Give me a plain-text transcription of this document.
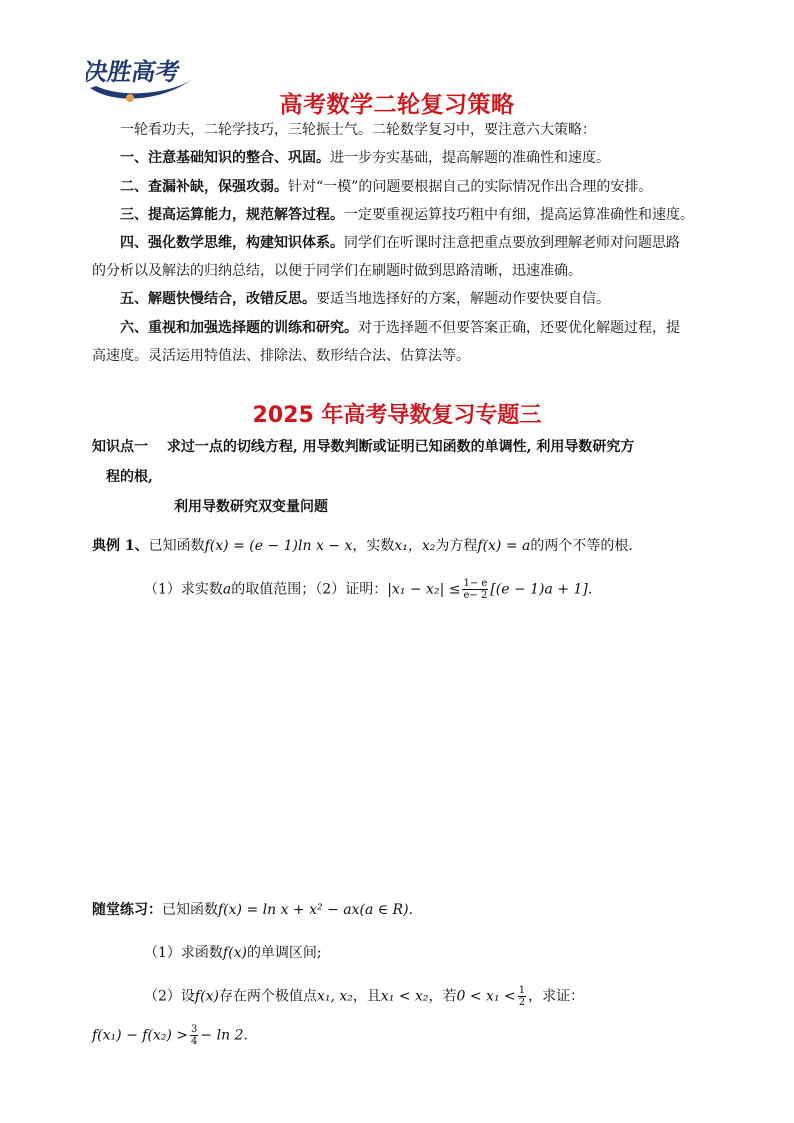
决胜高考
高考数学二轮复习策略
一轮看功夫，二轮学技巧，三轮振士气。二轮数学复习中，要注意六大策略：
一、注意基础知识的整合、巩固。进一步夯实基础，提高解题的准确性和速度。
二、查漏补缺，保强攻弱。针对“一模”的问题要根据自己的实际情况作出合理的安排。
三、提高运算能力，规范解答过程。一定要重视运算技巧粗中有细，提高运算准确性和速度。
四、强化数学思维，构建知识体系。同学们在听课时注意把重点要放到理解老师对问题思路
的分析以及解法的归纳总结，以便于同学们在刷题时做到思路清晰，迅速准确。
五、解题快慢结合，改错反思。要适当地选择好的方案，解题动作要快要自信。
六、重视和加强选择题的训练和研究。对于选择题不但要答案正确，还要优化解题过程，提
高速度。灵活运用特值法、排除法、数形结合法、估算法等。
2025 年高考导数复习专题三
知识点一 求过一点的切线方程, 用导数判断或证明已知函数的单调性, 利用导数研究方
程的根,
利用导数研究双变量问题
典例 1、已知函数f(x) = (e − 1)ln x − x，实数x₁，x₂为方程f(x) = a的两个不等的根.
（1）求实数a的取值范围；（2）证明：$|x_1 - x_2| \le \frac{1- e}{e- 2} [(e - 1)a + 1]$.
随堂练习：已知函数f(x) = ln x + x² − ax(a ∈ R).
（1）求函数f(x)的单调区间;
（2）设f(x)存在两个极值点x₁, x₂，且x₁ < x₂，若$0 < x_1 < \frac{1}{2}$ ，求证：
$f(x_1) - f(x_2) > \frac{3}{4} - \ln 2$.
